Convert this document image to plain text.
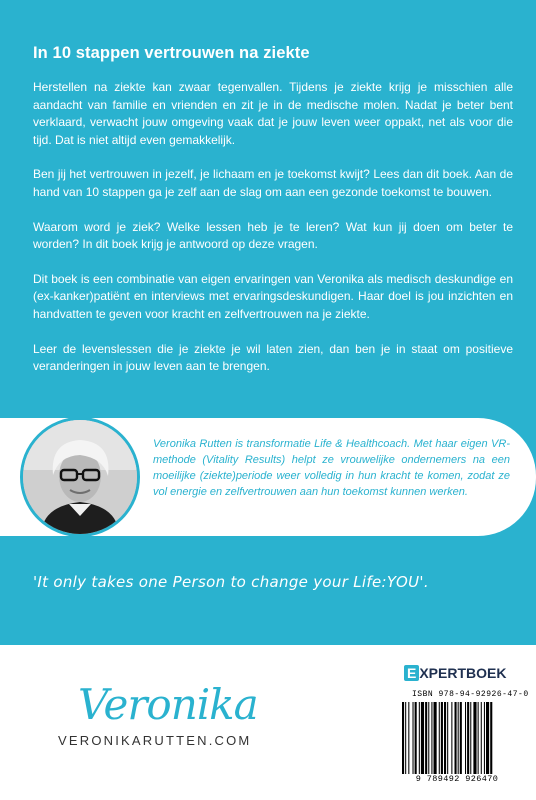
In 10 stappen vertrouwen na ziekte

Herstellen na ziekte kan zwaar tegenvallen. Tijdens je ziekte krijg je misschien alle aandacht van familie en vrienden en zit je in de medische molen. Nadat je beter bent verklaard, verwacht jouw omgeving vaak dat je jouw leven weer oppakt, net als voor die tijd. Dat is niet altijd even gemakkelijk.

Ben jij het vertrouwen in jezelf, je lichaam en je toekomst kwijt? Lees dan dit boek. Aan de hand van 10 stappen ga je zelf aan de slag om aan een gezonde toekomst te bouwen.

Waarom word je ziek? Welke lessen heb je te leren? Wat kun jij doen om beter te worden? In dit boek krijg je antwoord op deze vragen.

Dit boek is een combinatie van eigen ervaringen van Veronika als medisch deskundige en (ex-kanker)patiënt en interviews met ervaringsdeskundigen. Haar doel is jou inzichten en handvatten te geven voor kracht en zelfvertrouwen na je ziekte.

Leer de levenslessen die je ziekte je wil laten zien, dan ben je in staat om positieve veranderingen in jouw leven aan te brengen.

Veronika Rutten is transformatie Life & Healthcoach. Met haar eigen VR-methode (Vitality Results) helpt ze vrouwelijke ondernemers na een moeilijke (ziekte)periode weer volledig in hun kracht te komen, zodat ze vol energie en zelfvertrouwen aan hun toekomst kunnen werken.
'It only takes one Person to change your Life:YOU'.
Veronika
VERONIKARUTTEN.COM
E XPERTBOEK
ISBN 978-94-92926-47-0
9 789492 926470
